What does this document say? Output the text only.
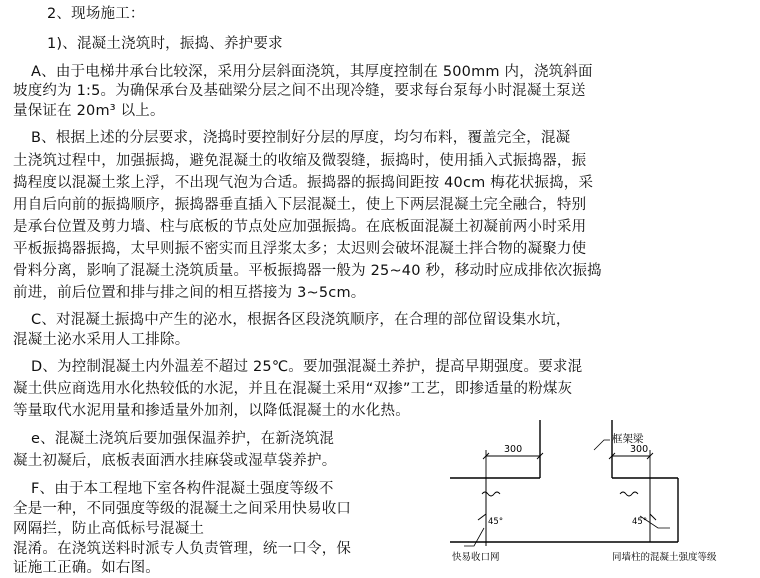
2、现场施工：
1)、混凝土浇筑时，振捣、养护要求
A、由于电梯井承台比较深，采用分层斜面浇筑，其厚度控制在 500mm 内，浇筑斜面
坡度约为 1:5。为确保承台及基础梁分层之间不出现冷缝，要求每台泵每小时混凝土泵送
量保证在 20m³ 以上。
B、根据上述的分层要求，浇捣时要控制好分层的厚度，均匀布料，覆盖完全，混凝
土浇筑过程中，加强振捣，避免混凝土的收缩及微裂缝，振捣时，使用插入式振捣器，振
捣程度以混凝土浆上浮，不出现气泡为合适。振捣器的振捣间距按 40cm 梅花状振捣，采
用自后向前的振捣顺序，振捣器垂直插入下层混凝土，使上下两层混凝土完全融合，特别
是承台位置及剪力墙、柱与底板的节点处应加强振捣。在底板面混凝土初凝前两小时采用
平板振捣器振捣，太早则振不密实而且浮浆太多；太迟则会破坏混凝土拌合物的凝聚力使
骨料分离，影响了混凝土浇筑质量。平板振捣器一般为 25~40 秒，移动时应成排依次振捣
前进，前后位置和排与排之间的相互搭接为 3~5cm。
C、对混凝土振捣中产生的泌水，根据各区段浇筑顺序，在合理的部位留设集水坑，
混凝土泌水采用人工排除。
D、为控制混凝土内外温差不超过 25℃。要加强混凝土养护，提高早期强度。要求混
凝土供应商选用水化热较低的水泥，并且在混凝土采用“双掺”工艺，即掺适量的粉煤灰
等量取代水泥用量和掺适量外加剂，以降低混凝土的水化热。
e、混凝土浇筑后要加强保温养护，在新浇筑混
凝土初凝后，底板表面洒水挂麻袋或湿草袋养护。
F、由于本工程地下室各构件混凝土强度等级不
全是一种，不同强度等级的混凝土之间采用快易收口
网隔拦，防止高低标号混凝土
混淆。在浇筑送料时派专人负责管理，统一口令，保
证施工正确。如右图。
框架梁
300	300
45°	45°
快易收口网	同墙柱的混凝土强度等级
